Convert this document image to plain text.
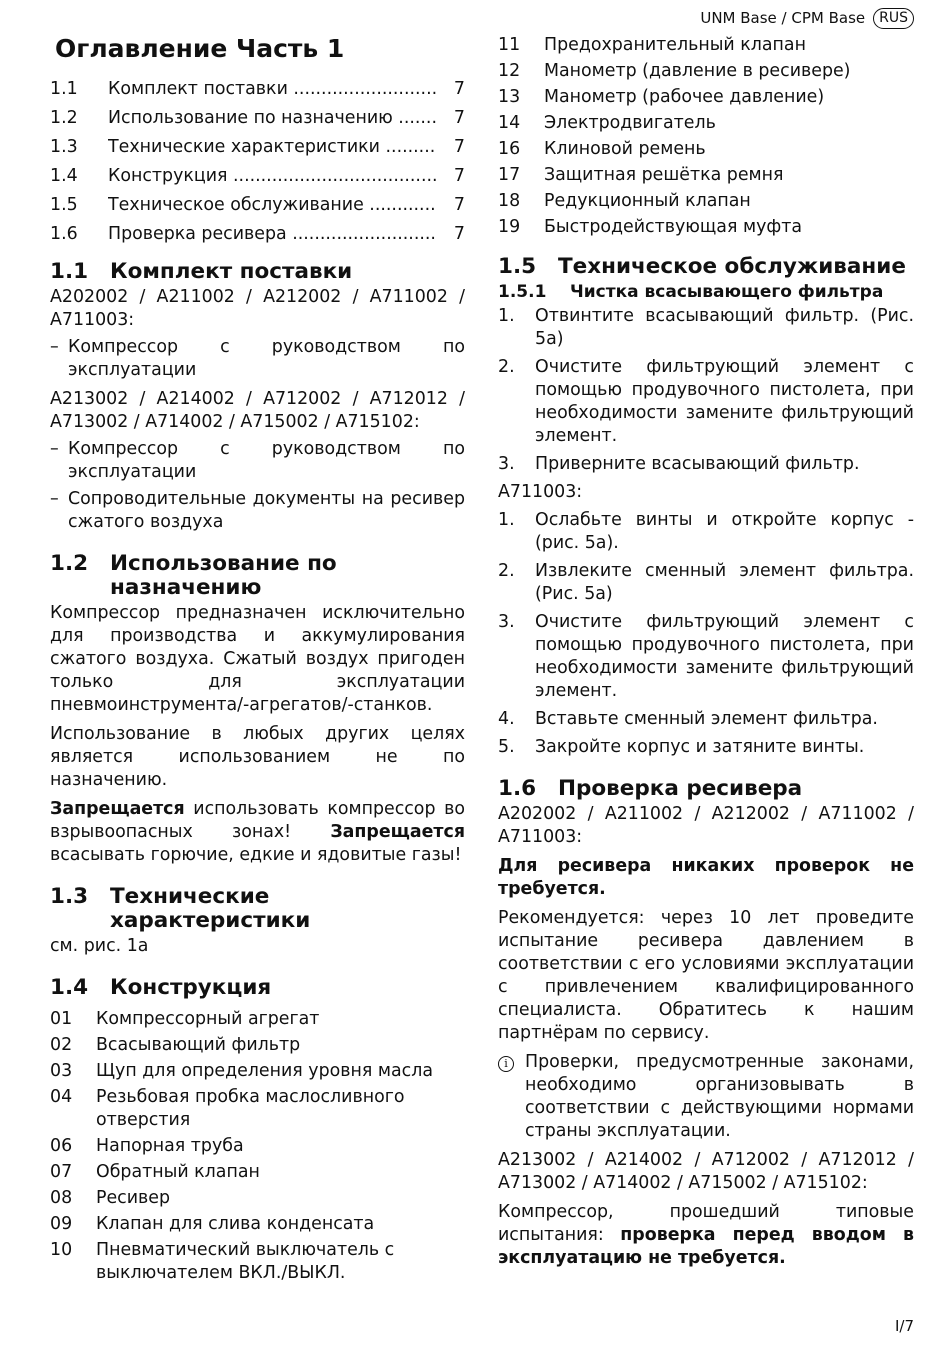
UNM Base / CPM Base	RUS
Оглавление Часть 1
1.1	Комплект поставки .....	7
1.2	Использование по назначению .....	7
1.3	Технические характеристики .....	7
1.4	Конструкция .....	7
1.5	Техническое обслуживание .....	7
1.6	Проверка ресивера .....	7
1.1	Комплект поставки

A202002 / A211002 / A212002 / A711002 / A711003:

– Компрессор с руководством по эксплуатации

A213002 / A214002 / A712002 / A712012 / A713002 / A714002 / A715002 / A715102:

– Компрессор с руководством по эксплуатации
– Сопроводительные документы на ресивер сжатого воздуха
1.2	Использование по назначению

Компрессор предназначен исключительно для производства и аккумулирования сжатого воздуха. Сжатый воздух пригоден только для эксплуатации пневмоинструмента/-агрегатов/-станков.

Использование в любых других целях является использованием не по назначению.

Запрещается использовать компрессор во взрывоопасных зонах! Запрещается всасывать горючие, едкие и ядовитые газы!

1.3	Технические характеристики

см. рис. 1a

1.4	Конструкция
01	Компрессорный агрегат
02	Всасывающий фильтр
03	Щуп для определения уровня масла
04	Резьбовая пробка маслосливного отверстия
06	Напорная труба
07	Обратный клапан
08	Ресивер
09	Клапан для слива конденсата
10	Пневматический выключатель с выключателем ВКЛ./ВЫКЛ.
11	Предохранительный клапан
12	Манометр (давление в ресивере)
13	Манометр (рабочее давление)
14	Электродвигатель
16	Клиновой ремень
17	Защитная решётка ремня
18	Редукционный клапан
19	Быстродействующая муфта
1.5	Техническое обслуживание
1.5.1	Чистка всасывающего фильтра
1.	Отвинтите всасывающий фильтр. (Рис. 5a)
2.	Очистите фильтрующий элемент с помощью продувочного пистолета, при необходимости замените фильтрующий элемент.
3.	Приверните всасывающий фильтр.

A711003:

1.	Ослабьте винты и откройте корпус - (рис. 5a).
2.	Извлеките сменный элемент фильтра. (Рис. 5a)
3.	Очистите фильтрующий элемент с помощью продувочного пистолета, при необходимости замените фильтрующий элемент.
4.	Вставьте сменный элемент фильтра.
5.	Закройте корпус и затяните винты.
1.6	Проверка ресивера

A202002 / A211002 / A212002 / A711002 / A711003:

Для ресивера никаких проверок не требуется.

Рекомендуется: через 10 лет проведите испытание ресивера давлением в соответствии с его условиями эксплуатации с привлечением квалифицированного специалиста. Обратитесь к нашим партнёрам по сервису.

i Проверки, предусмотренные законами, необходимо организовывать в соответствии с действующими нормами страны эксплуатации.

A213002 / A214002 / A712002 / A712012 / A713002 / A714002 / A715002 / A715102:

Компрессор, прошедший типовые испытания: проверка перед вводом в эксплуатацию не требуется.

I/7
